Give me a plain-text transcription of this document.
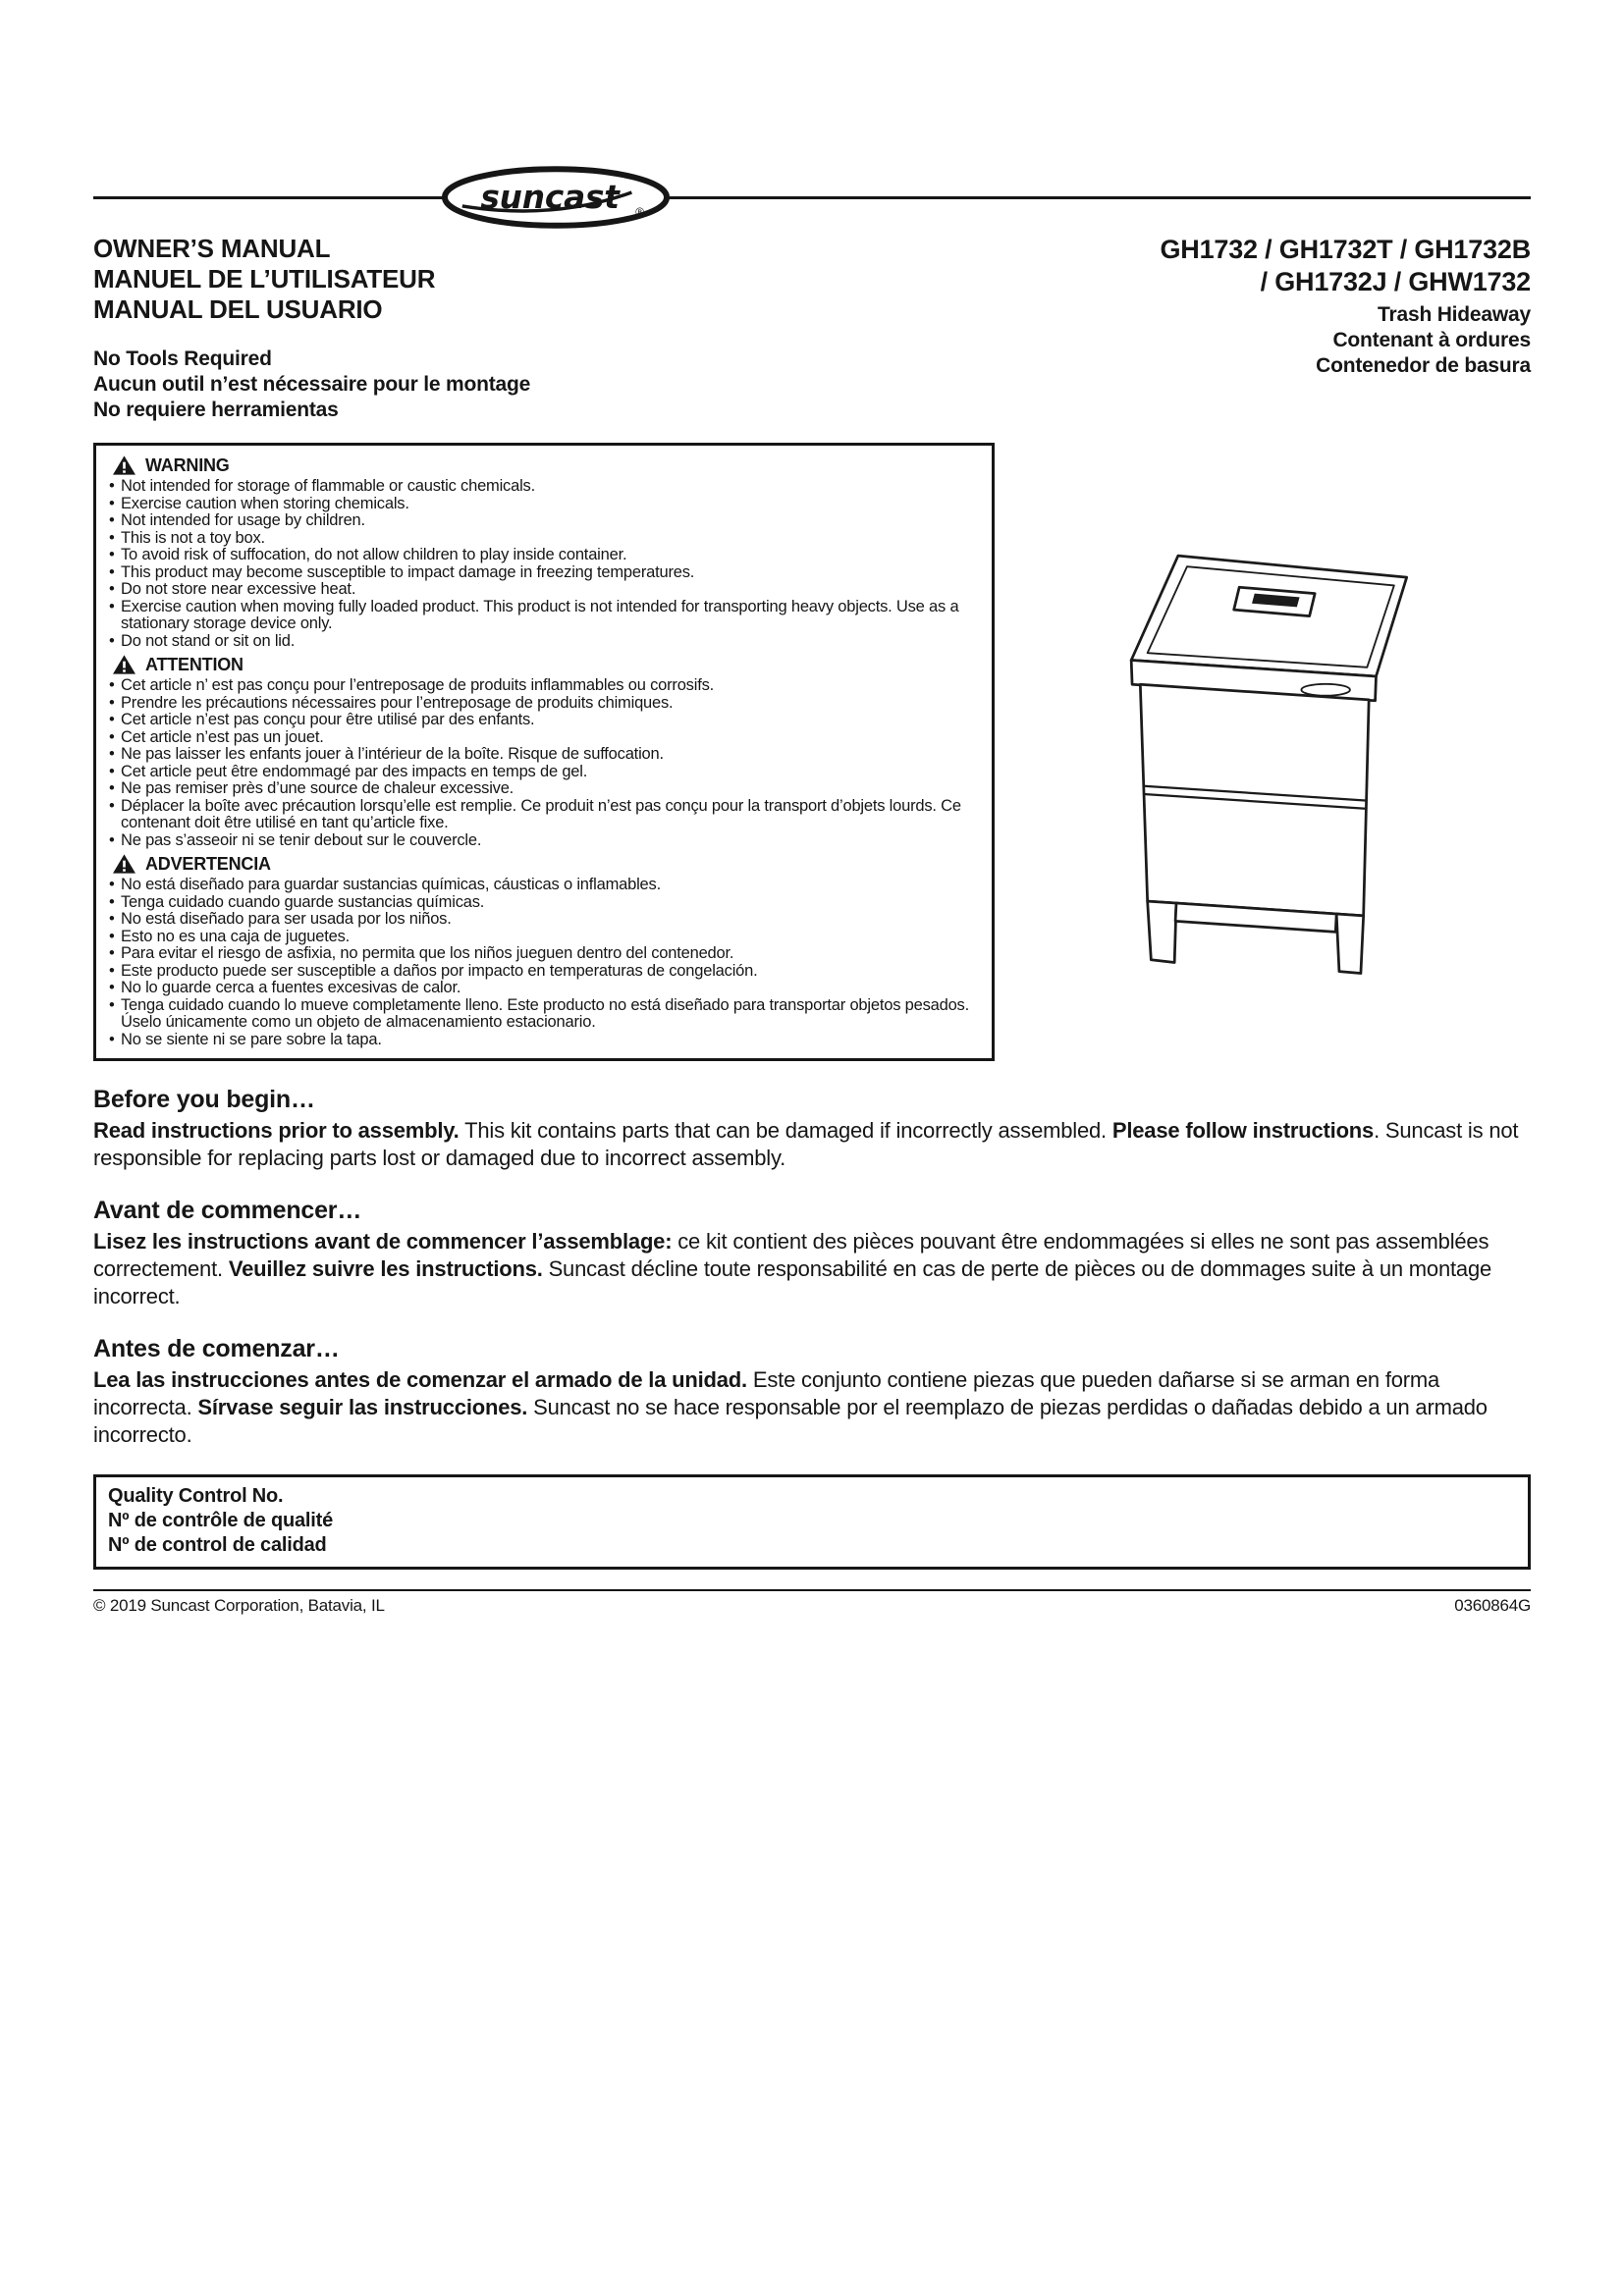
suncast ®
OWNER’S MANUAL
MANUEL DE L’UTILISATEUR
MANUAL DEL USUARIO
No Tools Required
Aucun outil n’est nécessaire pour le montage
No requiere herramientas
GH1732 / GH1732T / GH1732B
/ GH1732J / GHW1732
Trash Hideaway
Contenant à ordures
Contenedor de basura
WARNING
• Not intended for storage of flammable or caustic chemicals.
• Exercise caution when storing chemicals.
• Not intended for usage by children.
• This is not a toy box.
• To avoid risk of suffocation, do not allow children to play inside container.
• This product may become susceptible to impact damage in freezing temperatures.
• Do not store near excessive heat.
• Exercise caution when moving fully loaded product. This product is not intended for transporting heavy objects. Use as a stationary storage device only.
• Do not stand or sit on lid.
ATTENTION
• Cet article n’ est pas conçu pour l’entreposage de produits inflammables ou corrosifs.
• Prendre les précautions nécessaires pour l’entreposage de produits chimiques.
• Cet article n’est pas conçu pour être utilisé par des enfants.
• Cet article n’est pas un jouet.
• Ne pas laisser les enfants jouer à l’intérieur de la boîte. Risque de suffocation.
• Cet article peut être endommagé par des impacts en temps de gel.
• Ne pas remiser près d’une source de chaleur excessive.
• Déplacer la boîte avec précaution lorsqu’elle est remplie. Ce produit n’est pas conçu pour la transport d’objets lourds. Ce contenant doit être utilisé en tant qu’article fixe.
• Ne pas s’asseoir ni se tenir debout sur le couvercle.
ADVERTENCIA
• No está diseñado para guardar sustancias químicas, cáusticas o inflamables.
• Tenga cuidado cuando guarde sustancias químicas.
• No está diseñado para ser usada por los niños.
• Esto no es una caja de juguetes.
• Para evitar el riesgo de asfixia, no permita que los niños jueguen dentro del contenedor.
• Este producto puede ser susceptible a daños por impacto en temperaturas de congelación.
• No lo guarde cerca a fuentes excesivas de calor.
• Tenga cuidado cuando lo mueve completamente lleno. Este producto no está diseñado para transportar objetos pesados. Úselo únicamente como un objeto de almacenamiento estacionario.
• No se siente ni se pare sobre la tapa.
Before you begin…

Read instructions prior to assembly. This kit contains parts that can be damaged if incorrectly assembled. Please follow instructions. Suncast is not responsible for replacing parts lost or damaged due to incorrect assembly.

Avant de commencer…

Lisez les instructions avant de commencer l’assemblage: ce kit contient des pièces pouvant être endommagées si elles ne sont pas assemblées correctement. Veuillez suivre les instructions. Suncast décline toute responsabilité en cas de perte de pièces ou de dommages suite à un montage incorrect.

Antes de comenzar…

Lea las instrucciones antes de comenzar el armado de la unidad. Este conjunto contiene piezas que pueden dañarse si se arman en forma incorrecta. Sírvase seguir las instrucciones. Suncast no se hace responsable por el reemplazo de piezas perdidas o dañadas debido a un armado incorrecto.

Quality Control No.
Nº de contrôle de qualité
Nº de control de calidad
© 2019 Suncast Corporation, Batavia, IL	0360864G
